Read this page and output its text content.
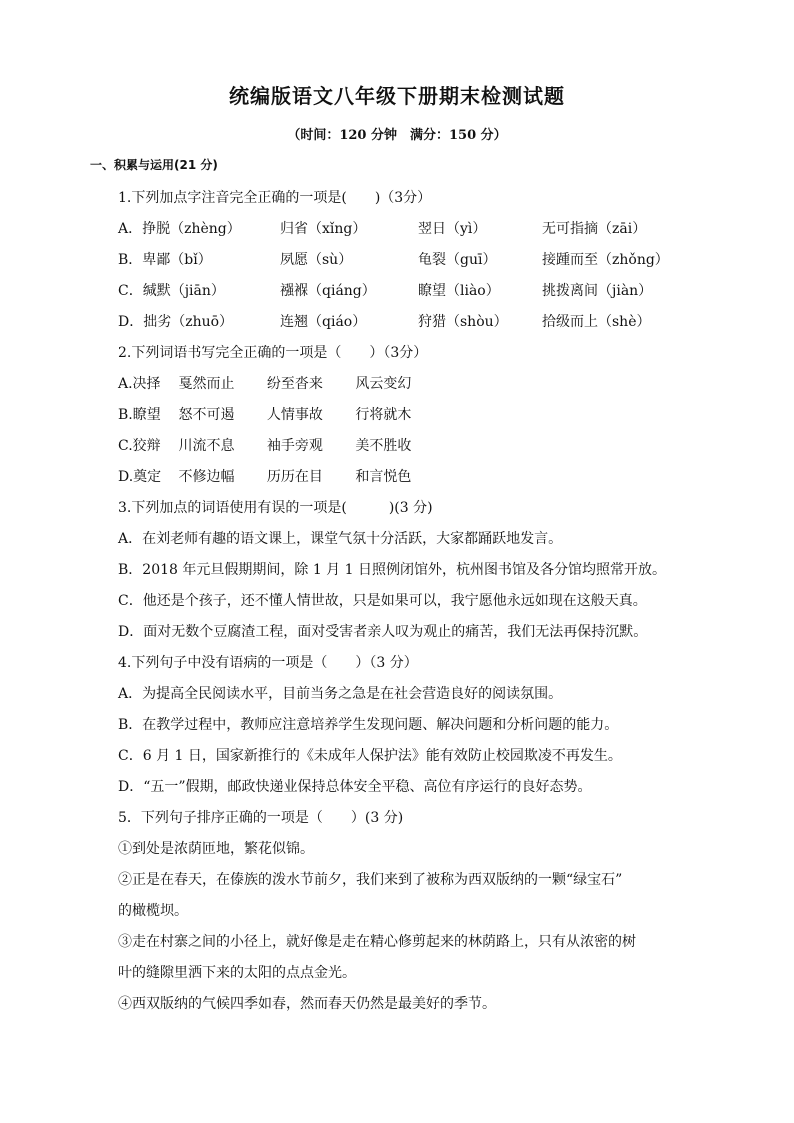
统编版语文八年级下册期末检测试题
（时间：120 分钟　满分：150 分）
一、积累与运用(21 分)
1.下列加点字注音完全正确的一项是(　　)（3分）
A．挣脱（zhèng）	归省（xǐng）	翌日（yì）	无可指摘（zāi）
B．卑鄙（bǐ）	夙愿（sù）	龟裂（guī）	接踵而至（zhǒng）
C．缄默（jiān）	襁褓（qiáng）	瞭望（liào）	挑拨离间（jiàn）
D．拙劣（zhuō）	连翘（qiáo）	狩猎（shòu）	拾级而上（shè）
2.下列词语书写完全正确的一项是（　　）（3分）
A.决择 戛然而止 纷至沓来 风云变幻
B.瞭望 怒不可遏 人情事故 行将就木
C.狡辩 川流不息 袖手旁观 美不胜收
D.奠定 不修边幅 历历在目 和言悦色
3.下列加点的词语使用有误的一项是(　　　)(3 分)
A．在刘老师有趣的语文课上，课堂气氛十分活跃，大家都踊跃地发言。
B．2018 年元旦假期期间，除 1 月 1 日照例闭馆外，杭州图书馆及各分馆均照常开放。
C．他还是个孩子，还不懂人情世故，只是如果可以，我宁愿他永远如现在这般天真。
D．面对无数个豆腐渣工程，面对受害者亲人叹为观止的痛苦，我们无法再保持沉默。
4.下列句子中没有语病的一项是（　　）（3 分）
A．为提高全民阅读水平，目前当务之急是在社会营造良好的阅读氛围。
B．在教学过程中，教师应注意培养学生发现问题、解决问题和分析问题的能力。
C．6 月 1 日，国家新推行的《未成年人保护法》能有效防止校园欺凌不再发生。
D．“五一”假期，邮政快递业保持总体安全平稳、高位有序运行的良好态势。
5．下列句子排序正确的一项是（　　）(3 分)
①到处是浓荫匝地，繁花似锦。
②正是在春天，在傣族的泼水节前夕，我们来到了被称为西双版纳的一颗“绿宝石”
的橄榄坝。
③走在村寨之间的小径上，就好像是走在精心修剪起来的林荫路上，只有从浓密的树
叶的缝隙里洒下来的太阳的点点金光。
④西双版纳的气候四季如春，然而春天仍然是最美好的季节。
